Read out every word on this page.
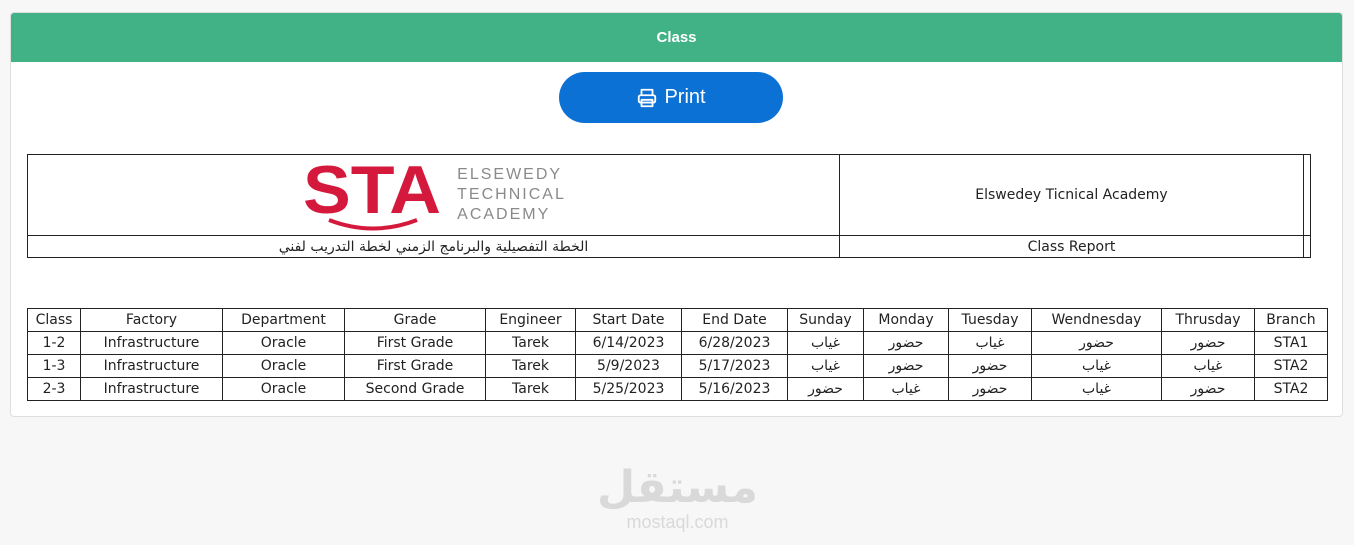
Class
Print
STA ELSEWEDY
TECHNICAL
ACADEMY	Elswedey Ticnical Academy	
الخطة التفصيلية والبرنامج الزمني لخطة التدريب لفني	Class Report	
Class	Factory	Department	Grade	Engineer	Start Date	End Date	Sunday	Monday	Tuesday	Wendnesday	Thrusday	Branch
1-2	Infrastructure	Oracle	First Grade	Tarek	6/14/2023	6/28/2023	غياب	حضور	غياب	حضور	حضور	STA1
1-3	Infrastructure	Oracle	First Grade	Tarek	5/9/2023	5/17/2023	غياب	حضور	حضور	غياب	غياب	STA2
2-3	Infrastructure	Oracle	Second Grade	Tarek	5/25/2023	5/16/2023	حضور	غياب	حضور	غياب	حضور	STA2
مستقل
mostaql.com
